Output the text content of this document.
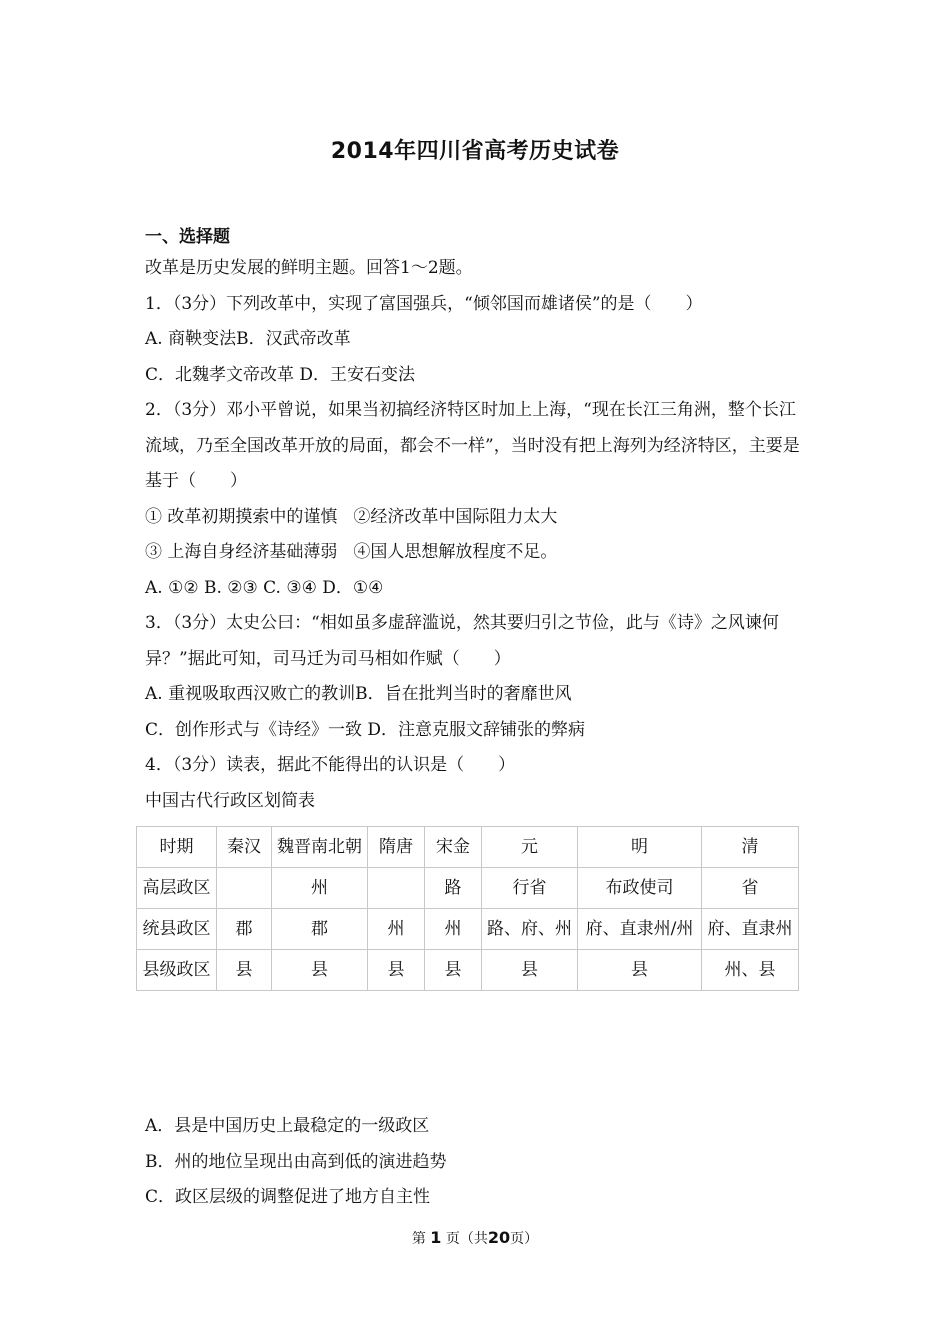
2014年四川省高考历史试卷
一、选择题

改革是历史发展的鲜明主题。回答1～2题。

1．（3分）下列改革中，实现了富国强兵，“倾邻国而雄诸侯”的是（　　）

A. 商鞅变法B．汉武帝改革

C．北魏孝文帝改革 D．王安石变法

2．（3分）邓小平曾说，如果当初搞经济特区时加上上海，“现在长江三角洲，整个长江流域，乃至全国改革开放的局面，都会不一样”，当时没有把上海列为经济特区，主要是基于（　　）

① 改革初期摸索中的谨慎 ②经济改革中国际阻力太大

③ 上海自身经济基础薄弱 ④国人思想解放程度不足。

A. ①② B. ②③ C. ③④ D．①④

3．（3分）太史公曰：“相如虽多虚辞滥说，然其要归引之节俭，此与《诗》之风谏何异？”据此可知，司马迁为司马相如作赋（　　）

A. 重视吸取西汉败亡的教训B．旨在批判当时的奢靡世风

C．创作形式与《诗经》一致 D．注意克服文辞铺张的弊病

4．（3分）读表，据此不能得出的认识是（　　）

中国古代行政区划简表

时期	秦汉	魏晋南北朝	隋唐	宋金	元	明	清
高层政区		州		路	行省	布政使司	省
统县政区	郡	郡	州	州	路、府、州	府、直隶州/州	府、直隶州
县级政区	县	县	县	县	县	县	州、县

A．县是中国历史上最稳定的一级政区

B．州的地位呈现出由高到低的演进趋势

C．政区层级的调整促进了地方自主性

第 1 页（共20页）
